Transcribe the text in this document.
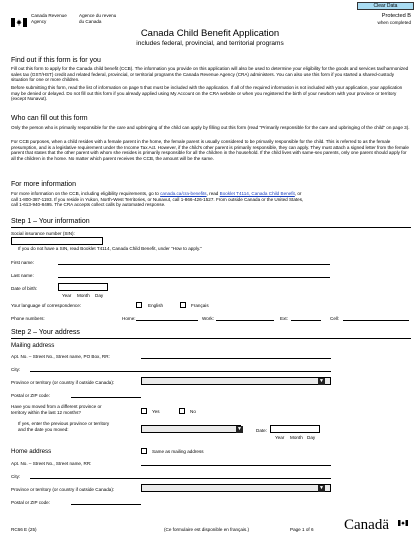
Clear Data
Canada Revenue
Agency
Agence du revenu
du Canada
Protected B
when completed
Canada Child Benefit Application
includes federal, provincial, and territorial programs
Find out if this form is for you
Fill out this form to apply for the Canada child benefit (CCB). The information you provide on this application will also be used to determine your eligibility for the goods and services tax/harmonized sales tax (GST/HST) credit and related federal, provincial, or territorial programs the Canada Revenue Agency (CRA) administers. You can also use this form if you started a shared-custody situation for one or more children.
Before submitting this form, read the list of information on page 5 that must be included with the application. If all of the required information is not included with your application, your application may be denied or delayed. Do not fill out this form if you already applied using My Account on the CRA website or when you registered the birth of your newborn with your province or territory (except Nunavut).
Who can fill out this form
Only the person who is primarily responsible for the care and upbringing of the child can apply by filling out this form (read "Primarily responsible for the care and upbringing of the child" on page 3).
For CCB purposes, when a child resides with a female parent in the home, the female parent is usually considered to be primarily responsible for the child. This is referred to as the female presumption, and is a legislative requirement under the Income Tax Act. However, if the child's other parent is primarily responsible, they can apply. They must attach a signed letter from the female parent that states that the other parent with whom she resides is primarily responsible for all the children in the household. If the child lives with same-sex parents, only one parent should apply for all the children in the home. No matter which parent receives the CCB, the amount will be the same.
For more information
For more information on the CCB, including eligibility requirements, go to canada.ca/cra-benefits, read Booklet T4114, Canada Child Benefit, or
call 1-800-387-1193. If you reside in Yukon, North-West Territories, or Nunavut, call 1-866-426-1527. From outside Canada or the United States,
call 1-613-940-8495. The CRA accepts collect calls by automated response.
Step 1 – Your information
Social insurance number (SIN):
If you do not have a SIN, read Booklet T4114, Canada Child Benefit, under "How to apply."
First name:
Last name:
Date of birth:
Year Month Day
Your language of correspondence:	English	Français
Phone numbers:	Home:	Work:	Ext:	Cell:
Step 2 – Your address
Mailing address
Apt. No. – Street No., Street name, PO Box, RR:
City:
Province or territory (or country if outside Canada):	▼
Postal or ZIP code:
Have you moved from a different province or
territory within the last 12 months?	Yes	No
If yes, enter the previous province or territory
and the date you moved:	▼	Date:
Year Month Day
Home address	Same as mailing address
Apt. No. – Street No., Street name, RR:
City:
Province or territory (or country if outside Canada):	▼
Postal or ZIP code:
RC66 E (25)	(Ce formulaire est disponible en français.)	Page 1 of 6 Canadä
